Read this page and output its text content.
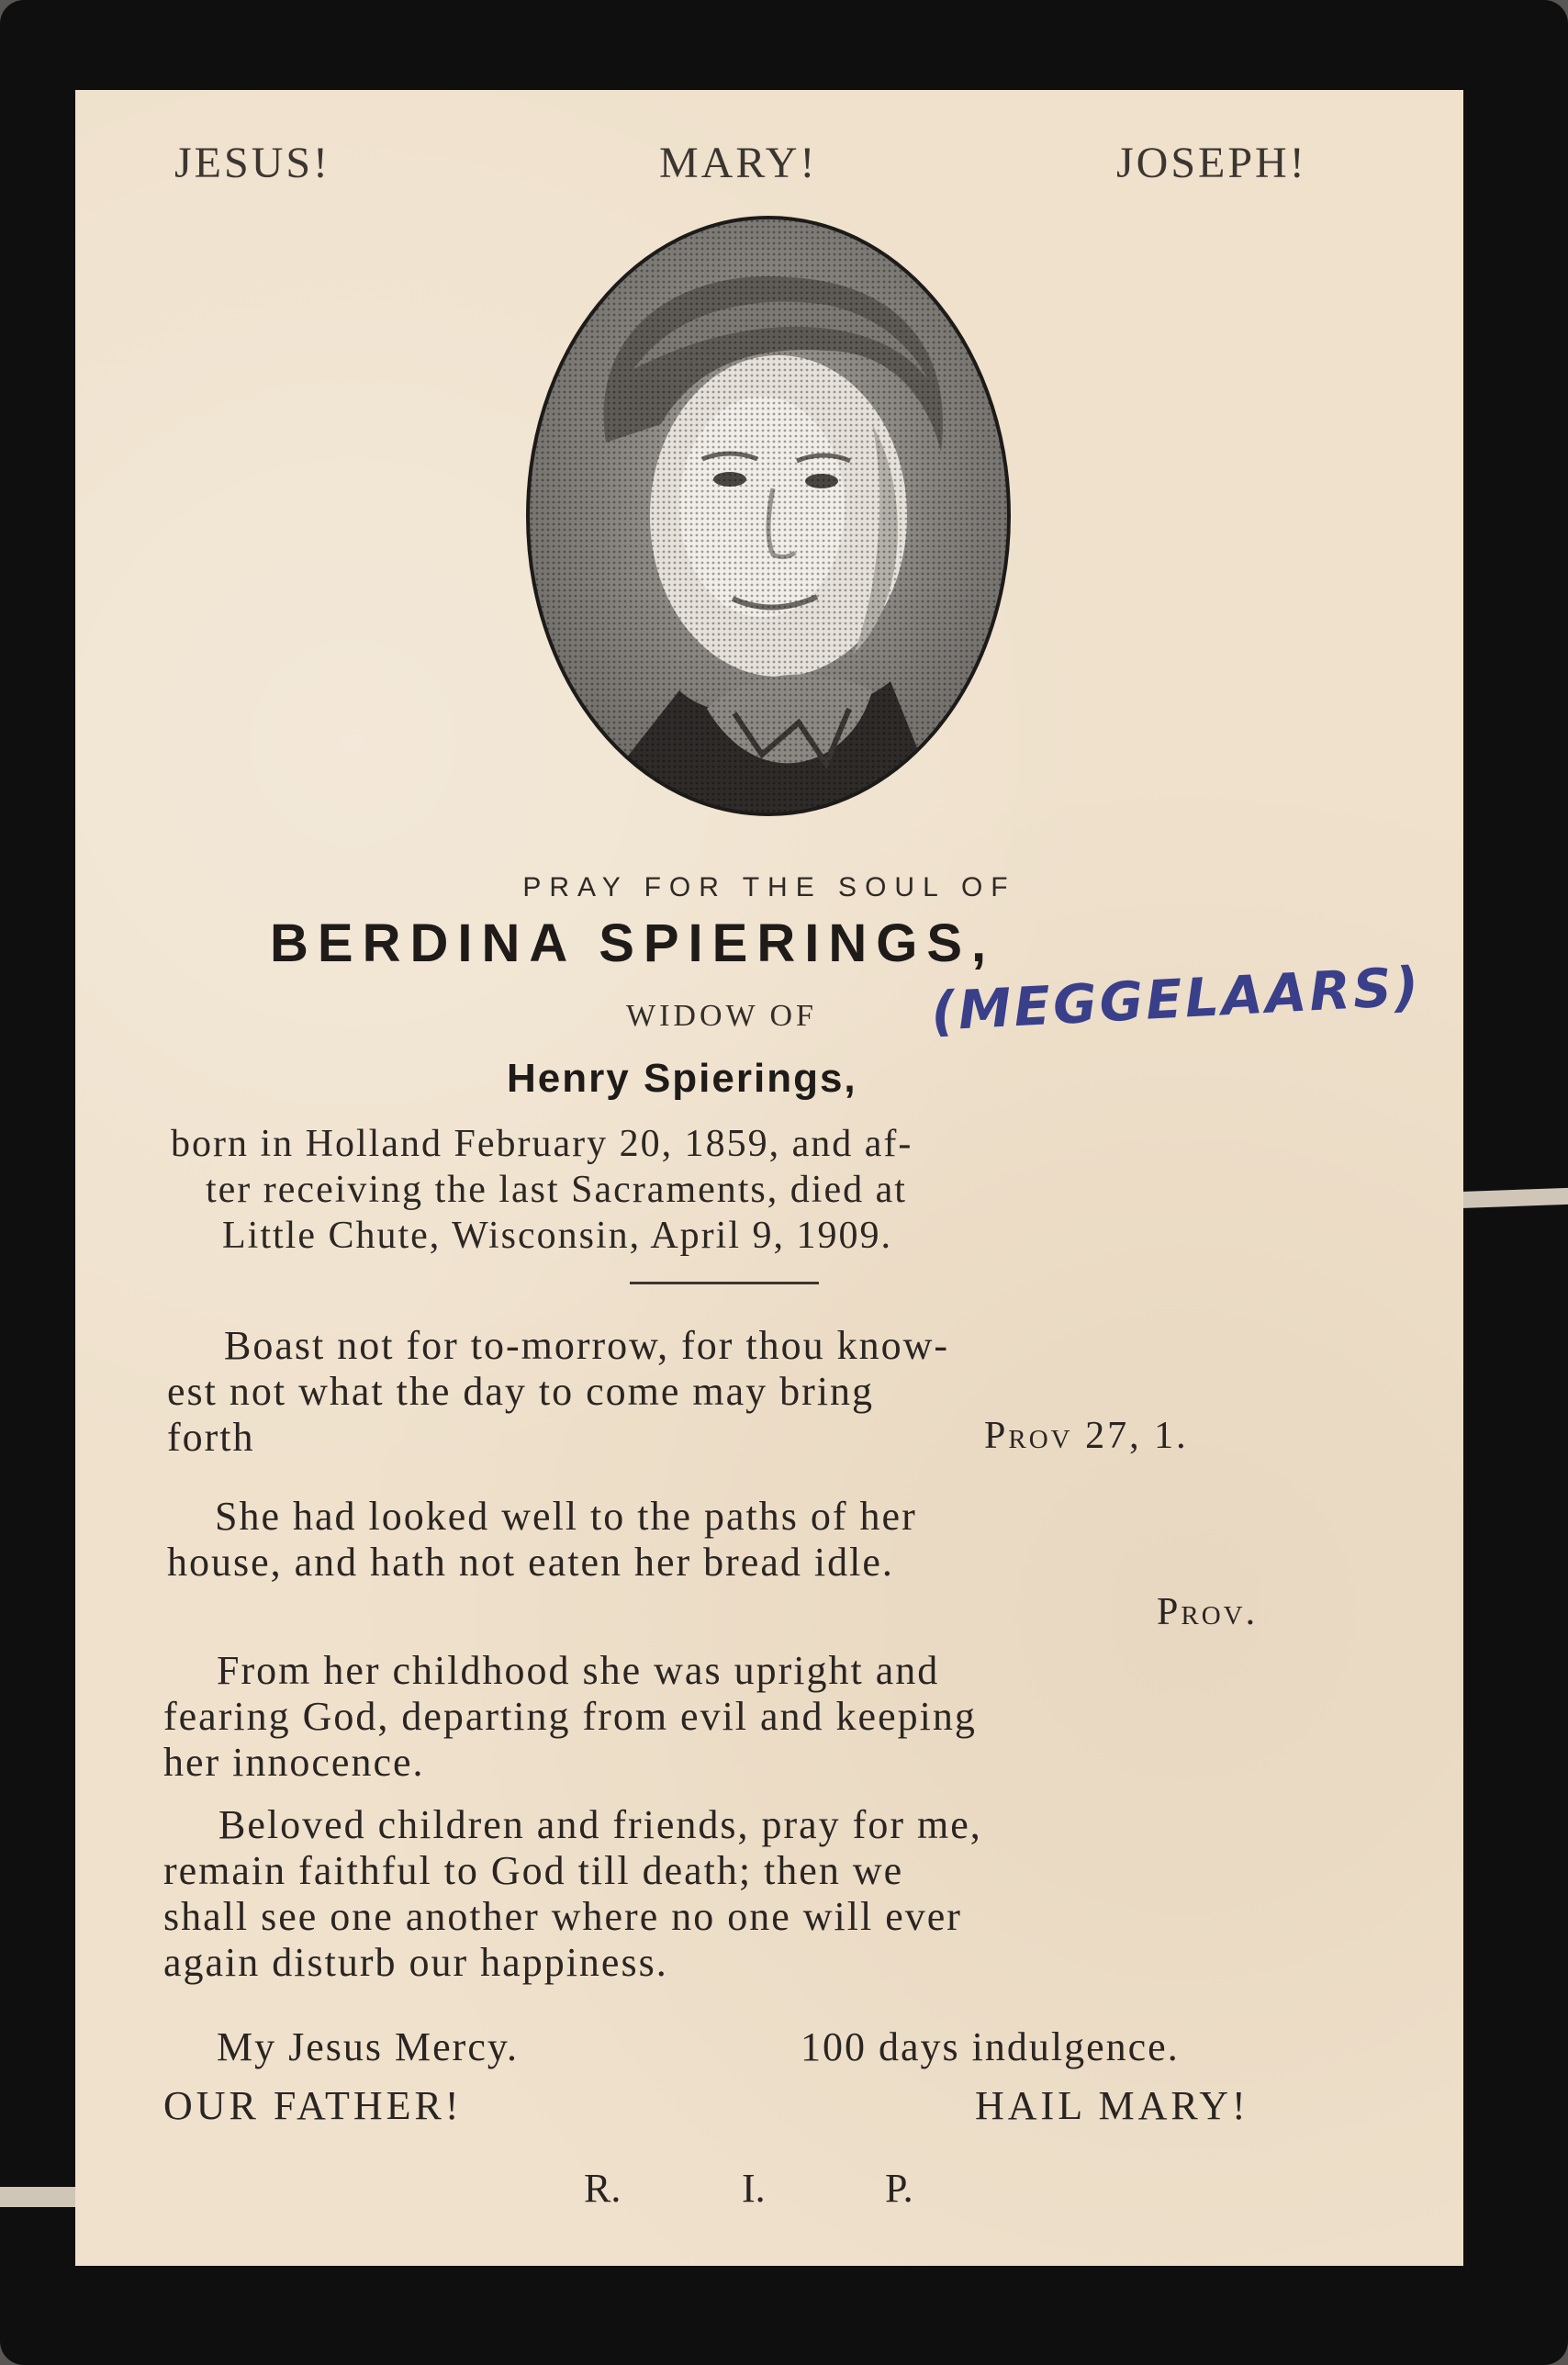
JESUS!	MARY!	JOSEPH!
PRAY FOR THE SOUL OF
BERDINA SPIERINGS,
WIDOW OF (MEGGELAARS)
Henry Spierings,
born in Holland February 20, 1859, and af-
ter receiving the last Sacraments, died at
Little Chute, Wisconsin, April 9, 1909.
Boast not for to-morrow, for thou know-
est not what the day to come may bring
forth	Prov 27, 1.
She had looked well to the paths of her
house, and hath not eaten her bread idle.
Prov.
From her childhood she was upright and
fearing God, departing from evil and keeping
her innocence.
Beloved children and friends, pray for me,
remain faithful to God till death; then we
shall see one another where no one will ever
again disturb our happiness.
My Jesus Mercy.	100 days indulgence.
OUR FATHER!	HAIL MARY!
R.	I.	P.
